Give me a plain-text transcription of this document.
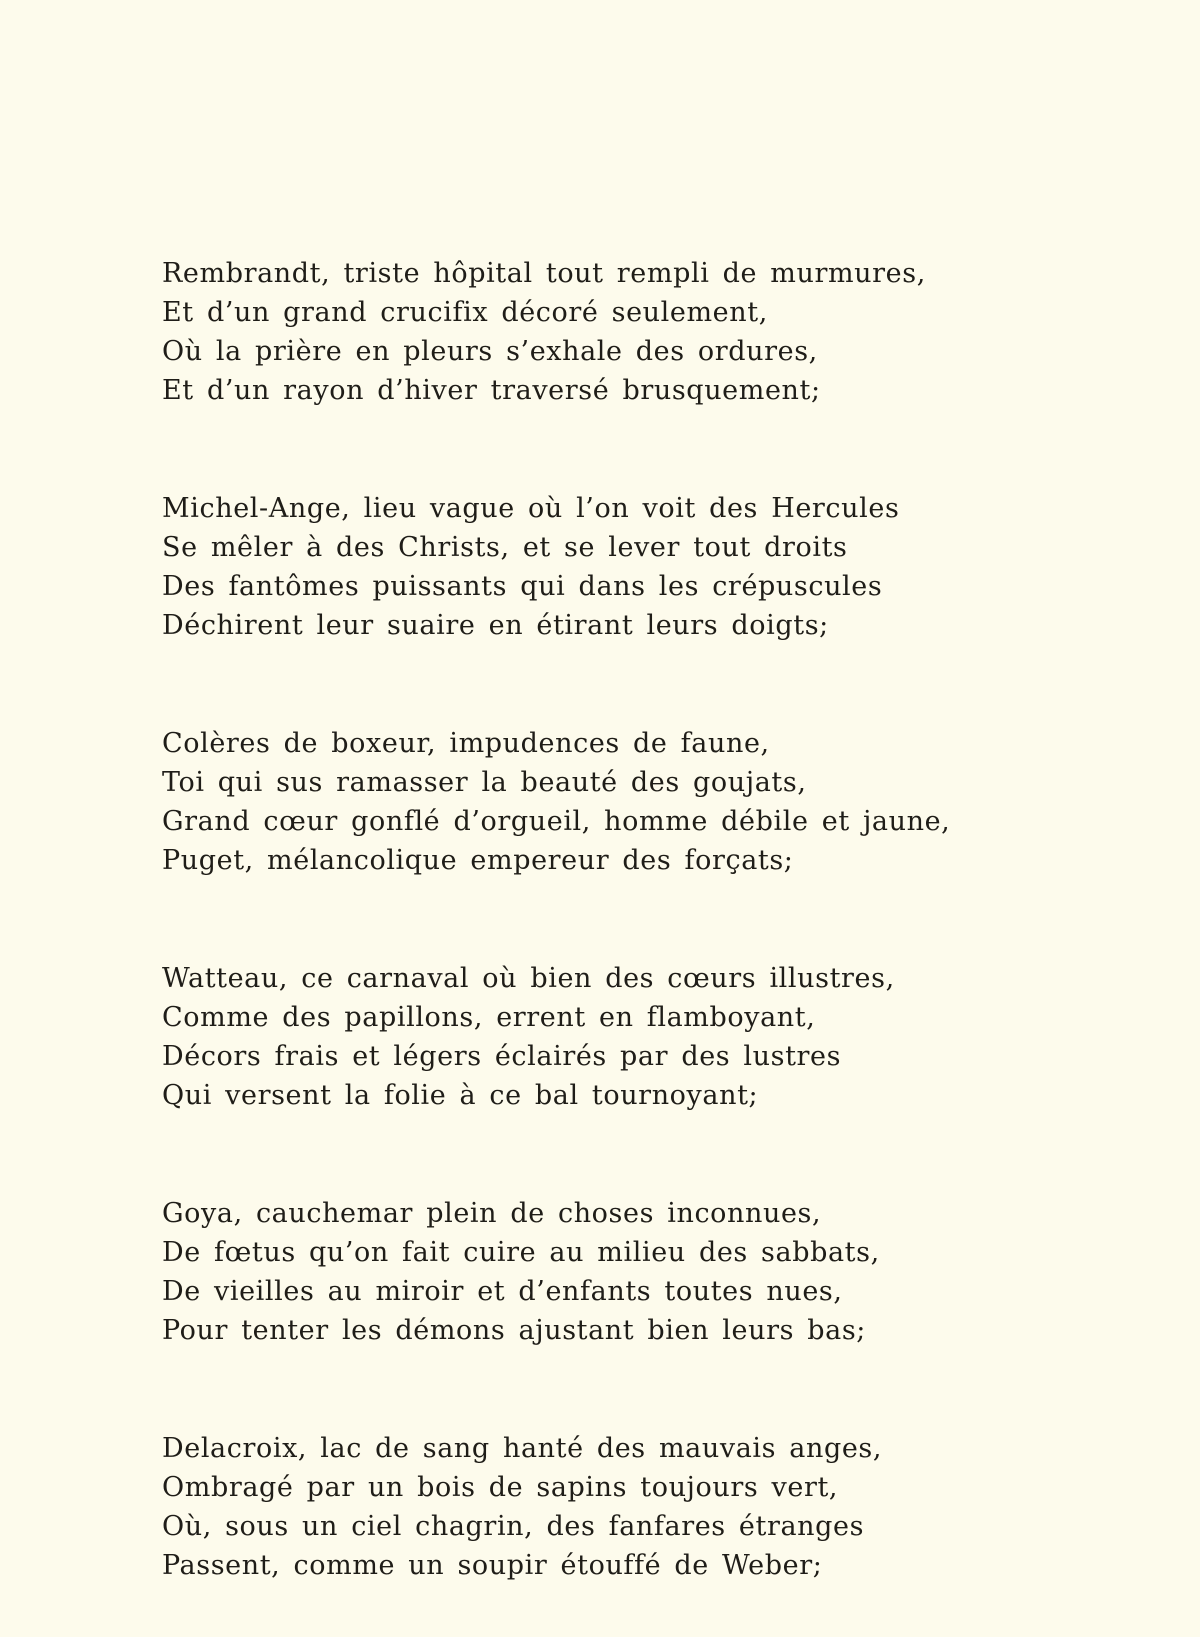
Rembrandt, triste hôpital tout rempli de murmures,
Et d’un grand crucifix décoré seulement,
Où la prière en pleurs s’exhale des ordures,
Et d’un rayon d’hiver traversé brusquement;
Michel-Ange, lieu vague où l’on voit des Hercules
Se mêler à des Christs, et se lever tout droits
Des fantômes puissants qui dans les crépuscules
Déchirent leur suaire en étirant leurs doigts;
Colères de boxeur, impudences de faune,
Toi qui sus ramasser la beauté des goujats,
Grand cœur gonflé d’orgueil, homme débile et jaune,
Puget, mélancolique empereur des forçats;
Watteau, ce carnaval où bien des cœurs illustres,
Comme des papillons, errent en flamboyant,
Décors frais et légers éclairés par des lustres
Qui versent la folie à ce bal tournoyant;
Goya, cauchemar plein de choses inconnues,
De fœtus qu’on fait cuire au milieu des sabbats,
De vieilles au miroir et d’enfants toutes nues,
Pour tenter les démons ajustant bien leurs bas;
Delacroix, lac de sang hanté des mauvais anges,
Ombragé par un bois de sapins toujours vert,
Où, sous un ciel chagrin, des fanfares étranges
Passent, comme un soupir étouffé de Weber;
